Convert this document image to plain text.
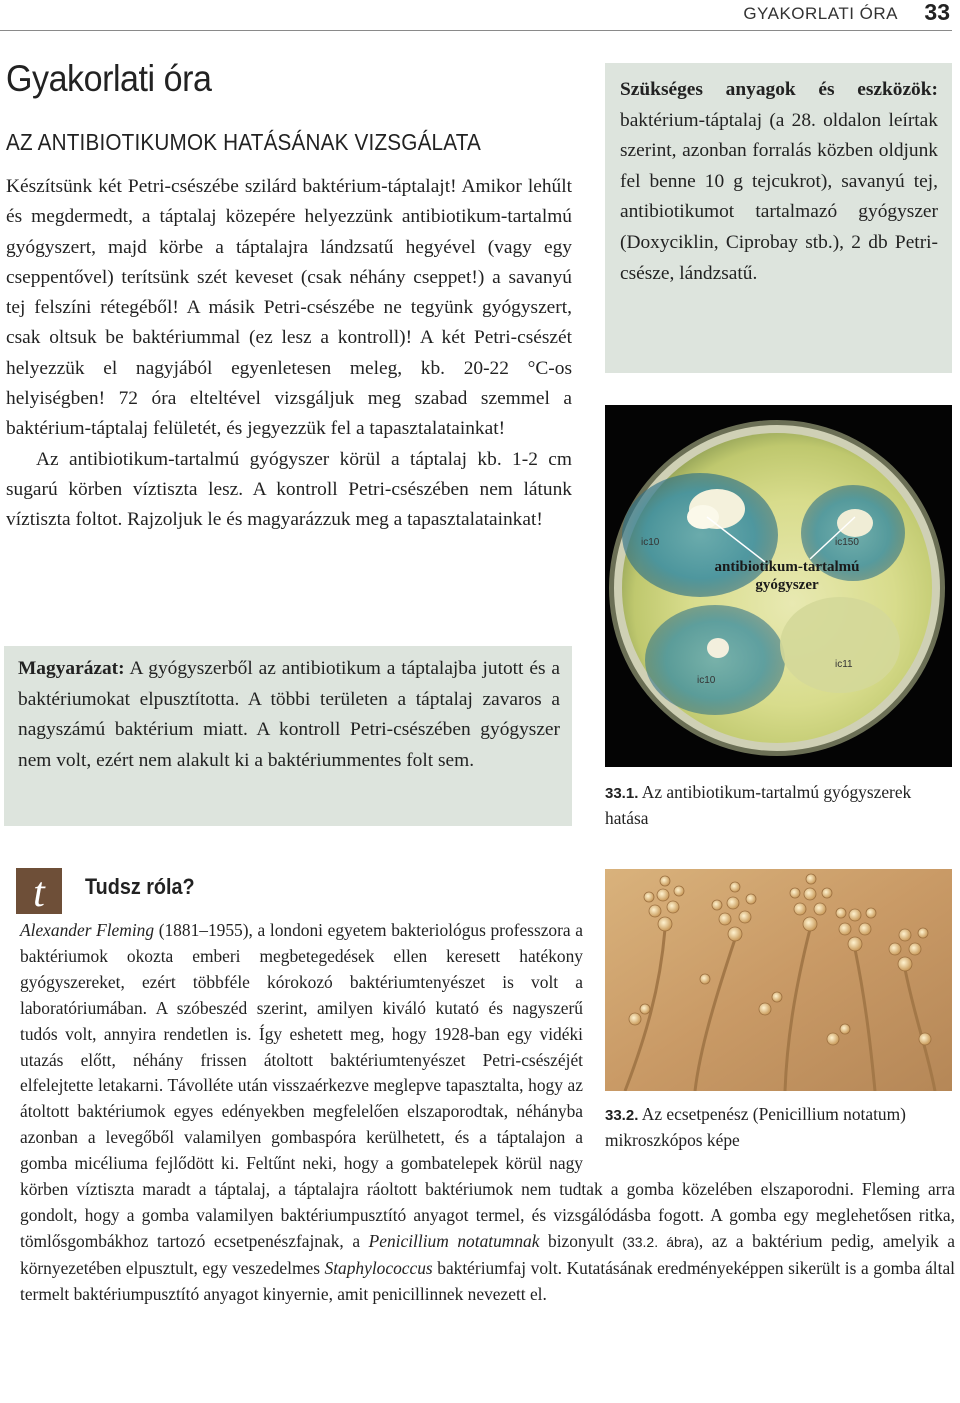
GYAKORLATI ÓRA 33
Gyakorlati óra
AZ ANTIBIOTIKUMOK HATÁSÁNAK VIZSGÁLATA

Készítsünk két Petri-csészébe szilárd baktérium-táptalajt! Amikor lehűlt és megdermedt, a táptalaj közepére helyezzünk antibiotikum-tartalmú gyógyszert, majd körbe a táptalajra lándzsatű hegyével (vagy egy cseppentővel) terítsünk szét keveset (csak néhány cseppet!) a savanyú tej felszíni rétegéből! A másik Petri-csészébe ne tegyünk gyógyszert, csak oltsuk be baktériummal (ez lesz a kontroll)! A két Petri-csészét helyezzük el nagyjából egyenletesen meleg, kb. 20-22 °C-os helyiségben! 72 óra elteltével vizsgáljuk meg szabad szemmel a baktérium-táptalaj felületét, és jegyezzük fel a tapasztalatainkat!

Az antibiotikum-tartalmú gyógyszer körül a táptalaj kb. 1-2 cm sugarú körben víztiszta lesz. A kontroll Petri-csészében nem látunk víztiszta foltot. Rajzoljuk le és magyarázzuk meg a tapasztalatainkat!

Magyarázat: A gyógyszerből az antibiotikum a táptalajba jutott és a baktériumokat elpusztította. A többi területen a táptalaj zavaros a nagyszámú baktérium miatt. A kontroll Petri-csészében gyógyszer nem volt, ezért nem alakult ki a baktériummentes folt sem.
Szükséges anyagok és eszközök: baktérium-táptalaj (a 28. oldalon leírtak szerint, azonban forralás közben oldjunk fel benne 10 g tejcukrot), savanyú tej, antibiotikumot tartalmazó gyógyszer (Doxyciklin, Ciprobay stb.), 2 db Petri-csésze, lándzsatű.
ic10	ic150
ic11
ic10
antibiotikum-tartalmú
gyógyszer
33.1. Az antibiotikum-tartalmú gyógyszerek hatása
33.2. Az ecsetpenész (Penicillium notatum) mikroszkópos képe
t Tudsz róla?

Alexander Fleming (1881–1955), a londoni egyetem bakteriológus professzora a baktériumok okozta emberi megbetegedések ellen keresett hatékony gyógyszereket, ezért többféle kórokozó baktériumtenyészet is volt a laboratóriumában. A szóbeszéd szerint, amilyen kiváló kutató és nagyszerű tudós volt, annyira rendetlen is. Így eshetett meg, hogy 1928-ban egy vidéki utazás előtt, néhány frissen átoltott baktériumtenyészet Petri-csészéjét elfelejtette letakarni. Távolléte után visszaérkezve meglepve tapasztalta, hogy az átoltott baktériumok egyes edényekben megfelelően elszaporodtak, néhányba azonban a levegőből valamilyen gombaspóra kerülhetett, és a táptalajon a gomba micéliuma fejlődött ki. Feltűnt neki, hogy a gombatelepek körül nagy körben víztiszta maradt a táptalaj, a táptalajra ráoltott baktériumok nem tudtak a gomba közelében elszaporodni. Fleming arra gondolt, hogy a gomba valamilyen baktériumpusztító anyagot termel, és vizsgálódásba fogott. A gomba egy meglehetősen ritka, tömlősgombákhoz tartozó ecsetpenészfajnak, a Penicillium notatumnak bizonyult (33.2. ábra), az a baktérium pedig, amelyik a környezetében elpusztult, egy veszedelmes Staphylococcus baktériumfaj volt. Kutatásának eredményeképpen sikerült is a gomba által termelt baktériumpusztító anyagot kinyernie, amit penicillinnek nevezett el.
